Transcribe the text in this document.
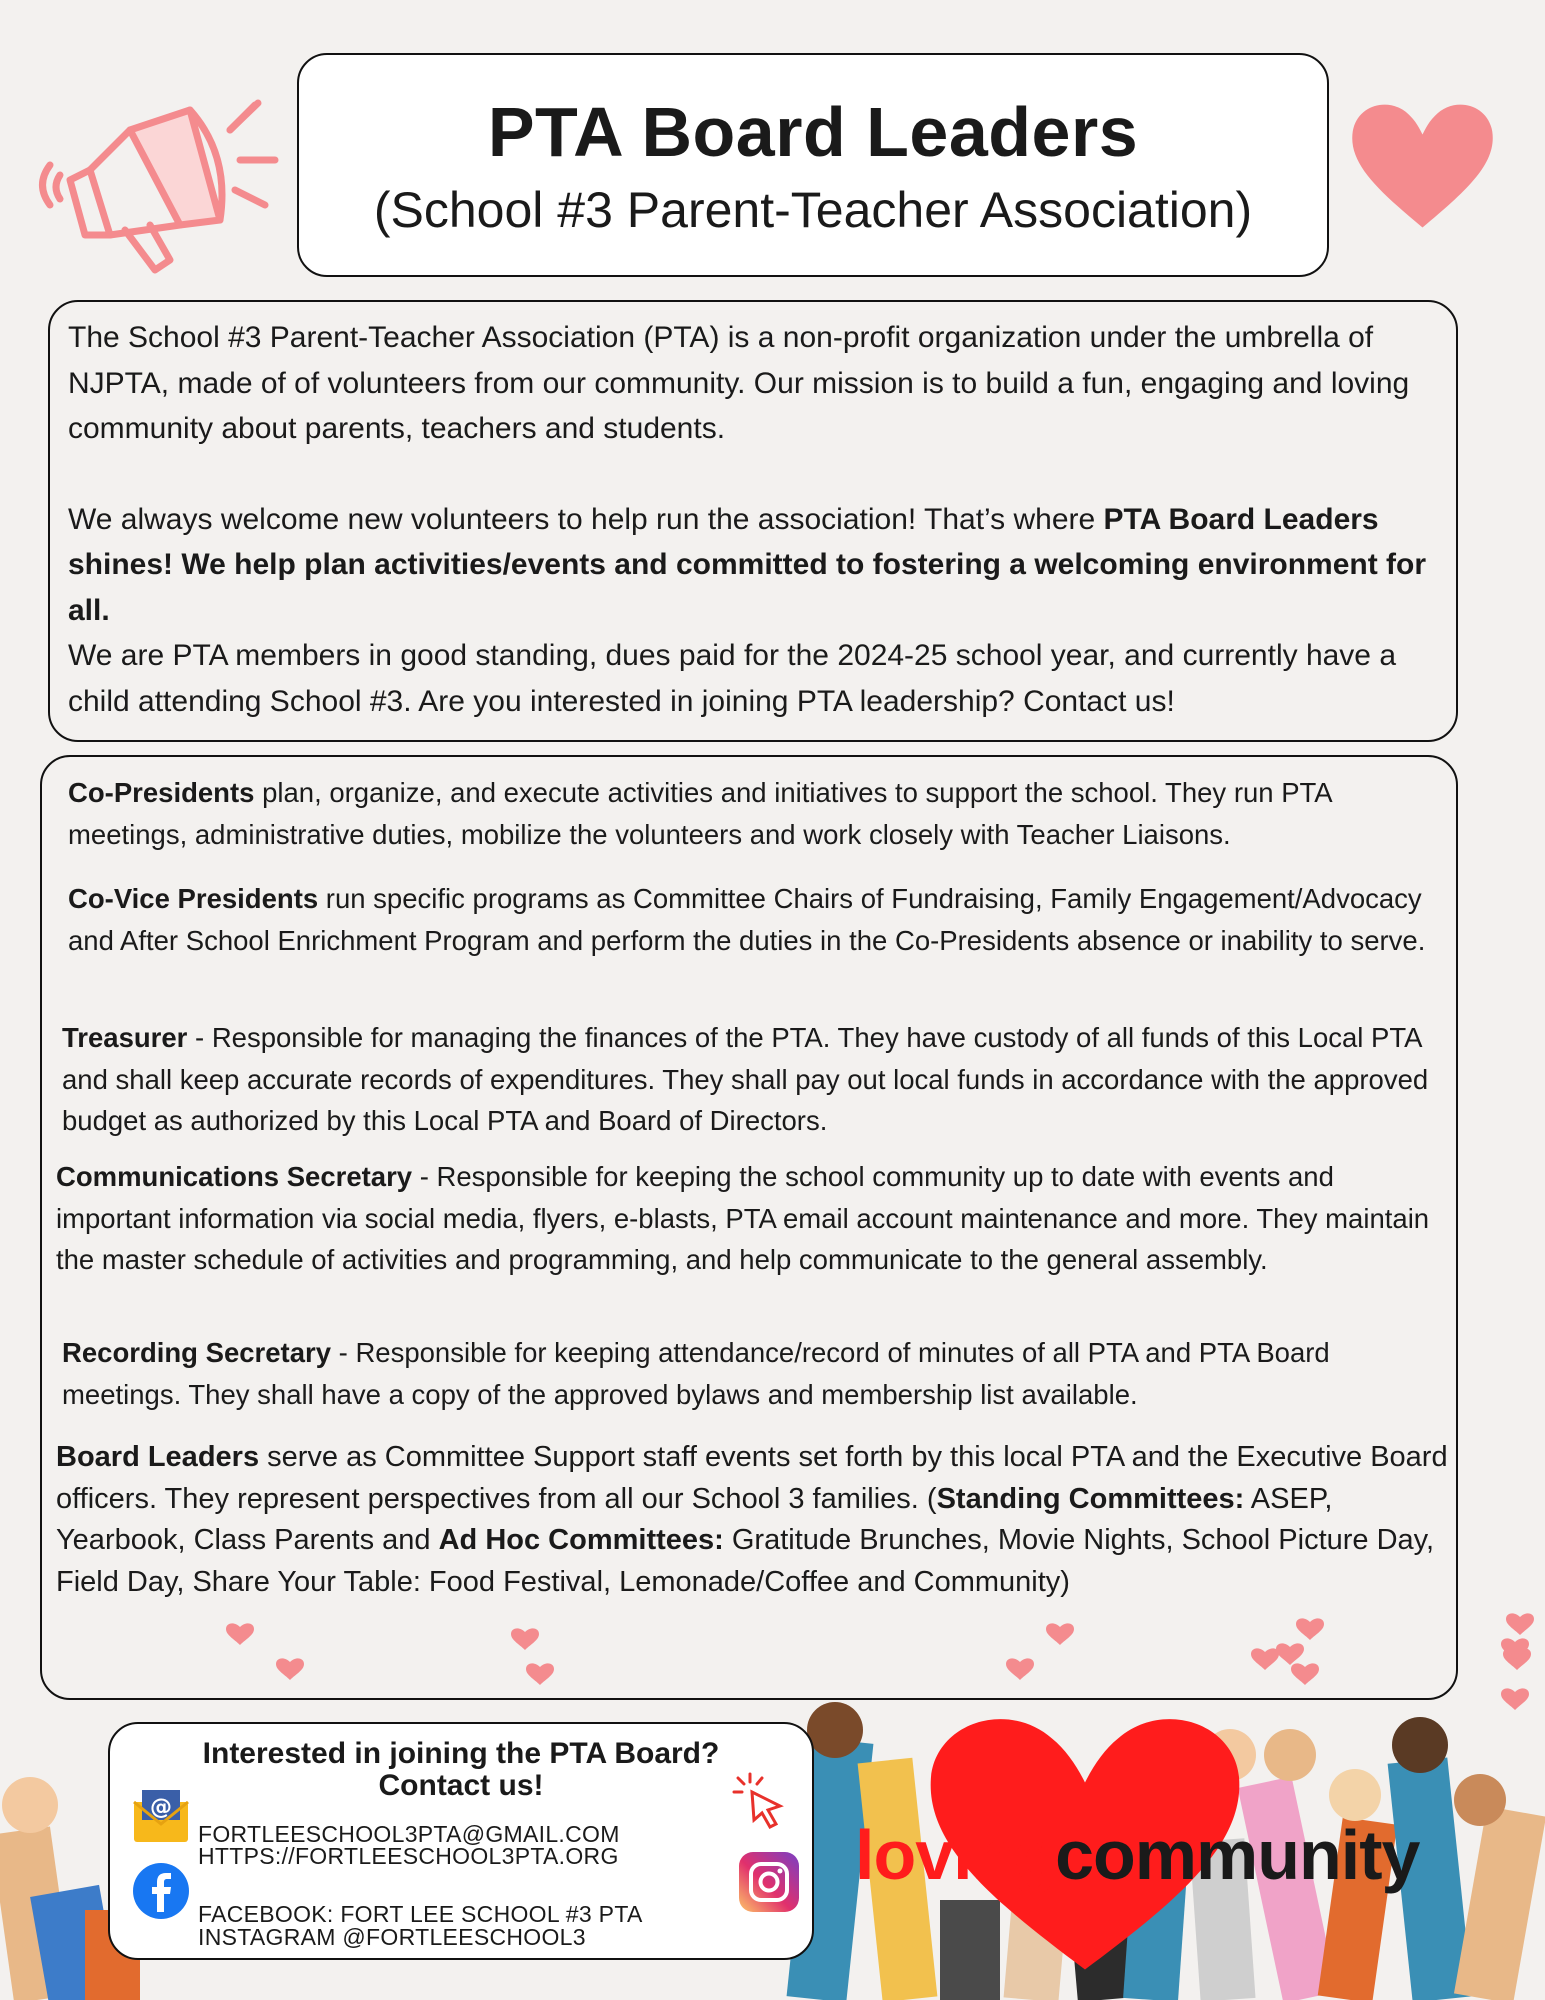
PTA Board Leaders
(School #3 Parent-Teacher Association)

The School #3 Parent-Teacher Association (PTA) is a non-profit organization under the umbrella of NJPTA, made of of volunteers from our community. Our mission is to build a fun, engaging and loving community about parents, teachers and students.

We always welcome new volunteers to help run the association! That’s where PTA Board Leaders shines! We help plan activities/events and committed to fostering a welcoming environment for all.

We are PTA members in good standing, dues paid for the 2024-25 school year, and currently have a child attending School #3. Are you interested in joining PTA leadership? Contact us!

Co-Presidents plan, organize, and execute activities and initiatives to support the school. They run PTA meetings, administrative duties, mobilize the volunteers and work closely with Teacher Liaisons.

Co-Vice Presidents run specific programs as Committee Chairs of Fundraising, Family Engagement/Advocacy and After School Enrichment Program and perform the duties in the Co-Presidents absence or inability to serve.

Treasurer - Responsible for managing the finances of the PTA. They have custody of all funds of this Local PTA and shall keep accurate records of expenditures. They shall pay out local funds in accordance with the approved budget as authorized by this Local PTA and Board of Directors.

Communications Secretary - Responsible for keeping the school community up to date with events and important information via social media, flyers, e-blasts, PTA email account maintenance and more. They maintain the master schedule of activities and programming, and help communicate to the general assembly.

Recording Secretary - Responsible for keeping attendance/record of minutes of all PTA and PTA Board meetings. They shall have a copy of the approved bylaws and membership list available.

Board Leaders serve as Committee Support staff events set forth by this local PTA and the Executive Board officers. They represent perspectives from all our School 3 families. (Standing Committees: ASEP, Yearbook, Class Parents and Ad Hoc Committees: Gratitude Brunches, Movie Nights, School Picture Day, Field Day, Share Your Table: Food Festival, Lemonade/Coffee and Community)

lovingcommunity
Interested in joining the PTA Board?
Contact us!
@
FORTLEESCHOOL3PTA@GMAIL.COM
HTTPS://FORTLEESCHOOL3PTA.ORG
FACEBOOK: FORT LEE SCHOOL #3 PTA
INSTAGRAM @FORTLEESCHOOL3
